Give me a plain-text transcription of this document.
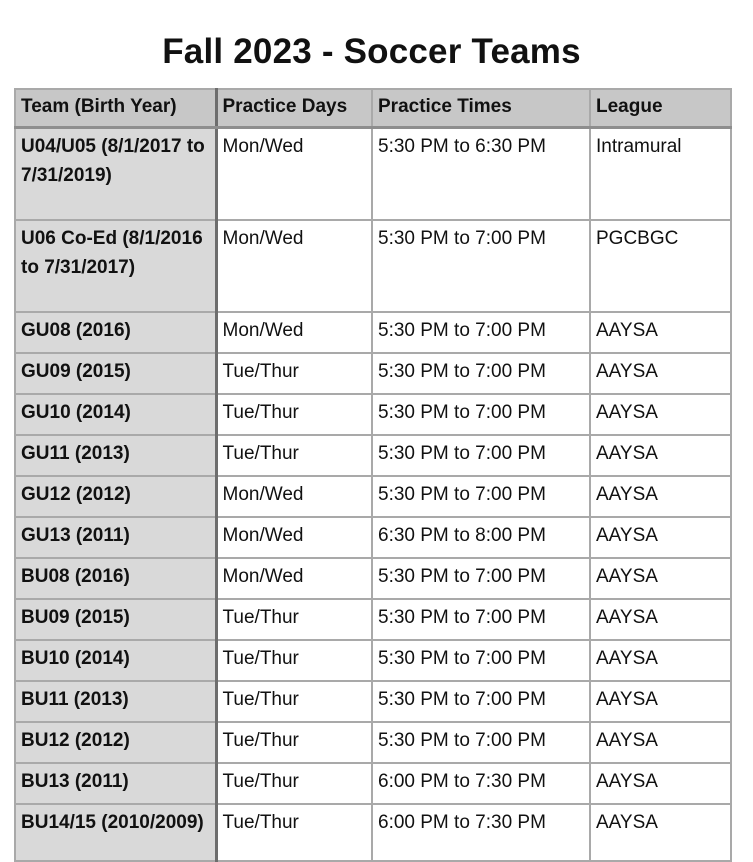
Fall 2023 - Soccer Teams
Team (Birth Year)	Practice Days	Practice Times	League
U04/U05 (8/1/2017 to 7/31/2019)	Mon/Wed	5:30 PM to 6:30 PM	Intramural
U06 Co-Ed (8/1/2016 to 7/31/2017)	Mon/Wed	5:30 PM to 7:00 PM	PGCBGC
GU08 (2016)	Mon/Wed	5:30 PM to 7:00 PM	AAYSA
GU09 (2015)	Tue/Thur	5:30 PM to 7:00 PM	AAYSA
GU10 (2014)	Tue/Thur	5:30 PM to 7:00 PM	AAYSA
GU11 (2013)	Tue/Thur	5:30 PM to 7:00 PM	AAYSA
GU12 (2012)	Mon/Wed	5:30 PM to 7:00 PM	AAYSA
GU13 (2011)	Mon/Wed	6:30 PM to 8:00 PM	AAYSA
BU08 (2016)	Mon/Wed	5:30 PM to 7:00 PM	AAYSA
BU09 (2015)	Tue/Thur	5:30 PM to 7:00 PM	AAYSA
BU10 (2014)	Tue/Thur	5:30 PM to 7:00 PM	AAYSA
BU11 (2013)	Tue/Thur	5:30 PM to 7:00 PM	AAYSA
BU12 (2012)	Tue/Thur	5:30 PM to 7:00 PM	AAYSA
BU13 (2011)	Tue/Thur	6:00 PM to 7:30 PM	AAYSA
BU14/15 (2010/2009)	Tue/Thur	6:00 PM to 7:30 PM	AAYSA
